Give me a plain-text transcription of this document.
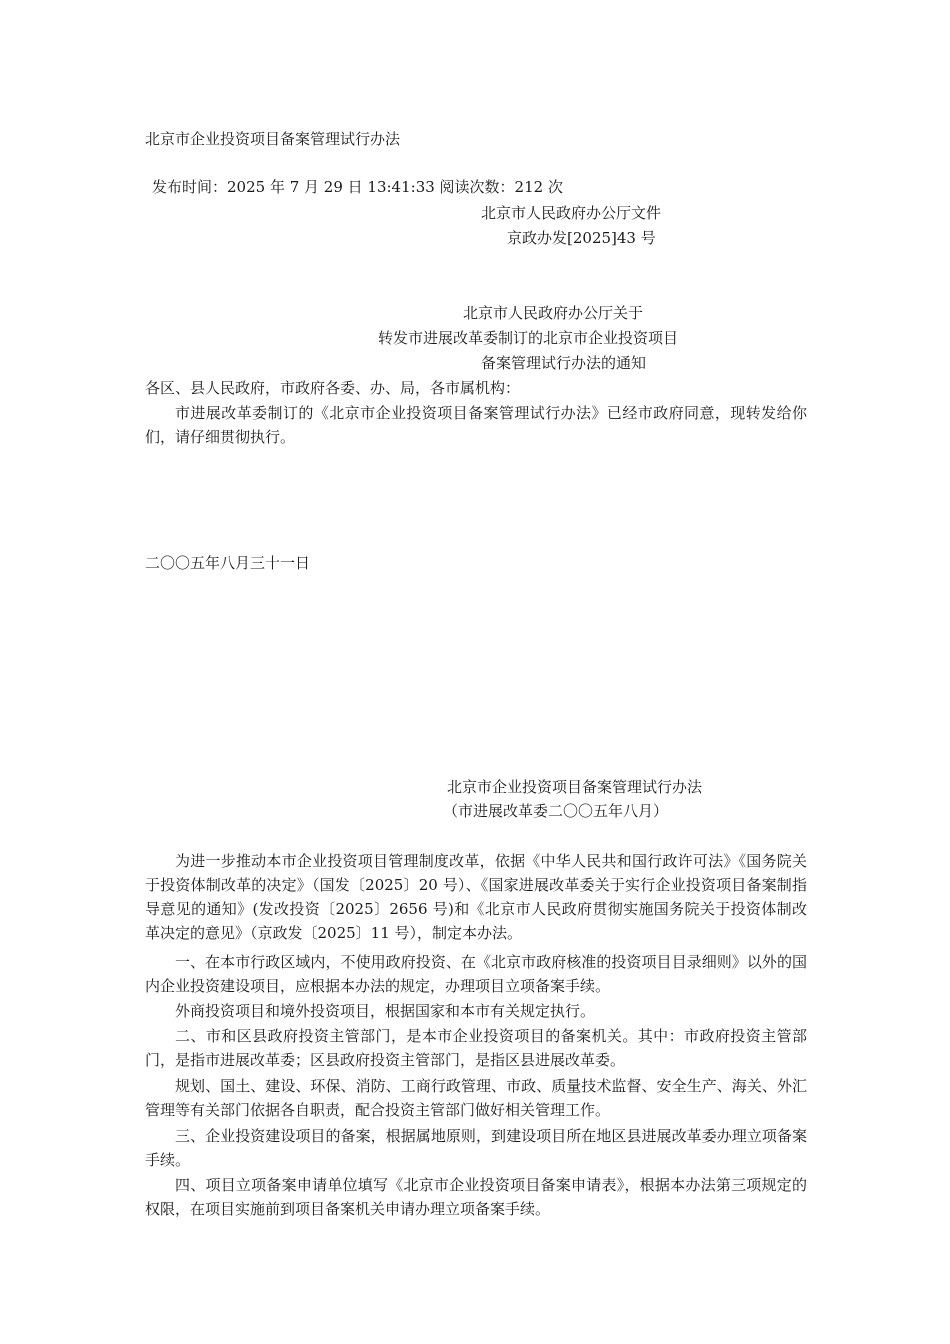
北京市企业投资项目备案管理试行办法
发布时间：2025 年 7 月 29 日 13:41:33 阅读次数：212 次
北京市人民政府办公厅文件
京政办发[2025]43 号
北京市人民政府办公厅关于
转发市进展改革委制订的北京市企业投资项目
备案管理试行办法的通知
各区、县人民政府，市政府各委、办、局，各市属机构：
市进展改革委制订的《北京市企业投资项目备案管理试行办法》已经市政府同意，现转发给你们，请仔细贯彻执行。
二〇〇五年八月三十一日
北京市企业投资项目备案管理试行办法
（市进展改革委二〇〇五年八月）
为进一步推动本市企业投资项目管理制度改革，依据《中华人民共和国行政许可法》《国务院关于投资体制改革的决定》（国发〔2025〕20 号）、《国家进展改革委关于实行企业投资项目备案制指导意见的通知》(发改投资〔2025〕2656 号)和《北京市人民政府贯彻实施国务院关于投资体制改革决定的意见》（京政发〔2025〕11 号），制定本办法。
一、在本市行政区域内，不使用政府投资、在《北京市政府核准的投资项目目录细则》以外的国内企业投资建设项目，应根据本办法的规定，办理项目立项备案手续。
外商投资项目和境外投资项目，根据国家和本市有关规定执行。
二、市和区县政府投资主管部门，是本市企业投资项目的备案机关。其中：市政府投资主管部门，是指市进展改革委；区县政府投资主管部门，是指区县进展改革委。
规划、国土、建设、环保、消防、工商行政管理、市政、质量技术监督、安全生产、海关、外汇管理等有关部门依据各自职责，配合投资主管部门做好相关管理工作。
三、企业投资建设项目的备案，根据属地原则，到建设项目所在地区县进展改革委办理立项备案手续。
四、项目立项备案申请单位填写《北京市企业投资项目备案申请表》，根据本办法第三项规定的权限，在项目实施前到项目备案机关申请办理立项备案手续。
